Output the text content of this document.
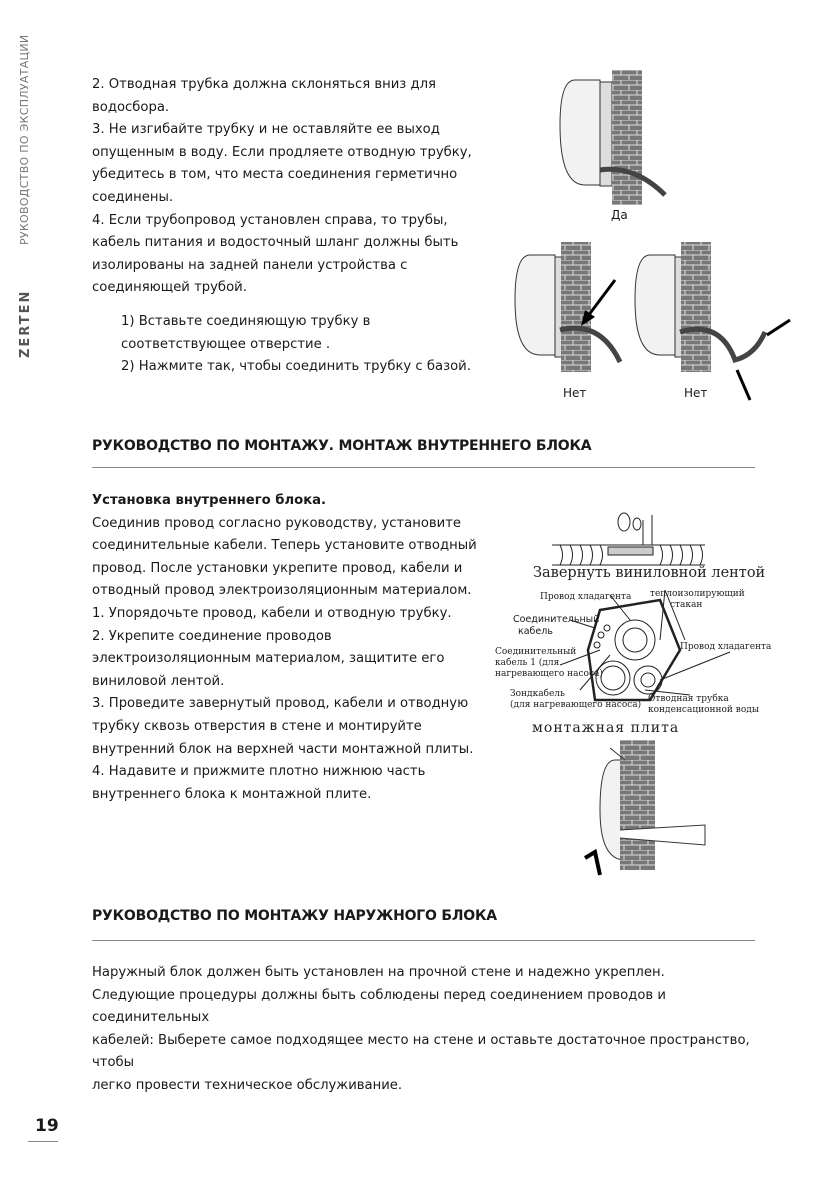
РУКОВОДСТВО ПО ЭКСПЛУАТАЦИИ
ZERTEN

2. Отводная трубка должна склоняться вниз для

водосбора.

3. Не изгибайте трубку и не оставляйте ее выход

опущенным в воду. Если продляете отводную трубку,

убедитесь в том, что места соединения герметично

соединены.

4. Если трубопровод установлен справа, то трубы,

кабель питания и водосточный шланг должны быть

изолированы на задней панели устройства с

соединяющей трубой.

1) Вставьте соединяющую трубку в

соответствующее отверстие .

2) Нажмите так, чтобы соединить трубку с базой.

Да
Нет	Нет
РУКОВОДСТВО ПО МОНТАЖУ. МОНТАЖ ВНУТРЕННЕГО БЛОКА

Установка внутреннего блока.

Соединив провод согласно руководству, установите

соединительные кабели. Теперь установите отводный

провод. После установки укрепите провод, кабели и

отводный провод электроизоляционным материалом.

1. Упорядочьте провод, кабели и отводную трубку.

2. Укрепите соединение проводов

электроизоляционным материалом, защитите его

виниловой лентой.

3. Проведите завернутый провод, кабели и отводную

трубку сквозь отверстия в стене и монтируйте

внутренний блок на верхней части монтажной плиты.

4. Надавите и прижмите плотно нижнюю часть

внутреннего блока к монтажной плите.

Завернуть виниловной лентой
Провод хладагента теплоизолирующий
стакан
Соединительный
кабель
Соединительный
кабель 1 (для
нагревающего насоса)
Провод хладагента
Зондкабель
(для нагревающего насоса)
Отводная трубка
конденсационной воды
монтажная плита
РУКОВОДСТВО ПО МОНТАЖУ НАРУЖНОГО БЛОКА

Наружный блок должен быть установлен на прочной стене и надежно укреплен.

Следующие процедуры должны быть соблюдены перед соединением проводов и соединительных

кабелей: Выберете самое подходящее место на стене и оставьте достаточное пространство, чтобы

легко провести техническое обслуживание.

19
